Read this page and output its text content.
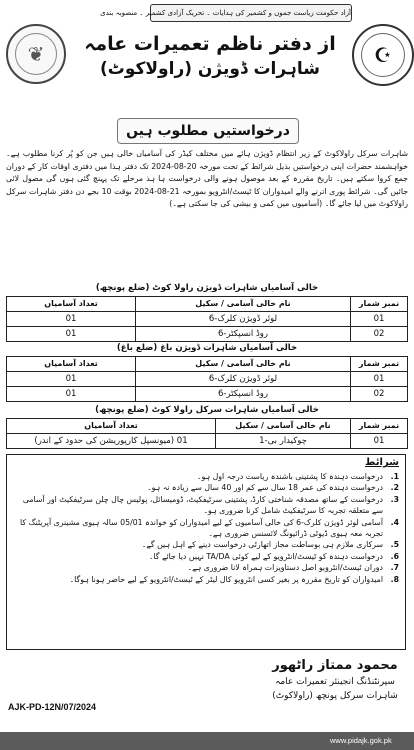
آزاد حکومت ریاست جموں و کشمیر کی ہدایات ۔ تحریک آزادی کشمیر ۔ منصوبہ بندی
❦	☪
از دفتر ناظم تعمیرات عامہ
شاہرات ڈویژن (راولاکوٹ)
درخواستیں مطلوب ہیں
شاہرات سرکل راولاکوٹ کے زیر انتظام ڈویژن ہائے میں مختلف کیڈر کی آسامیاں خالی ہیں جن کو پُر کرنا مطلوب ہے۔ خواہشمند حضرات اپنی درخواستیں بذیل شرائط کے تحت مورخہ 20-08-2024 تک دفتر ہذا میں دفتری اوقات کار کے دوران جمع کروا سکتے ہیں۔ تاریخ مقررہ کے بعد موصول ہونے والی درخواست ہا ہذ مرحلے تک پہنچ گئی ہوں گی مصول لائی جائیں گی۔ شرائط پوری اترنے والے امیدواران کا ٹیسٹ/انٹرویو بمورخہ 21-08-2024 بوقت 10 بجے دن دفتر شاہرات سرکل راولاکوٹ میں لیا جائے گا۔ (آسامیوں میں کمی و بیشی کی جا سکتی ہے۔)
خالی آسامیاں شاہرات ڈویژن راولا کوٹ (ضلع پونچھ)
نمبر شمار	نام خالی آسامی / سکیل	تعداد آسامیاں
01	لوئر ڈویژن کلرک-6	01
02	روڈ انسپکٹر-6	01
خالی آسامیاں شاہرات ڈویژن باغ (ضلع باغ)
نمبر شمار	نام خالی آسامی / سکیل	تعداد آسامیاں
01	لوئر ڈویژن کلرک-6	01
02	روڈ انسپکٹر-6	01
خالی آسامیاں شاہرات سرکل راولا کوٹ (ضلع پونچھ)
نمبر شمار	نام خالی آسامی / سکیل	تعداد آسامیاں
01	چوکیدار بی-1	01 (میونسپل کارپوریشن کی حدود کے اندر)
شرائط
1.
درخواست دہندہ کا پشتینی باشندہ ریاست درجہ اول ہو۔
2.
درخواست دہندہ کی عمر 18 سال سے کم اور 40 سال سے زیادہ نہ ہو۔
3.
درخواست کے ساتھ مصدقہ شناختی کارڈ، پشتینی سرٹیفکیٹ، ڈومیسائل، پولیس چال چلن سرٹیفکیٹ اور آسامی سے متعلقہ تجربہ کا سرٹیفکیٹ شامل کرنا ضروری ہو۔
4.
آسامی لوئر ڈویژن کلرک-6 کی خالی آسامیوں کے لیے امیدواران کو خواندہ 05/01 سالہ ہیوی مشینری آپریٹنگ کا تجربہ معہ ہیوی ڈیوٹی ڈرائیونگ لائسنس ضروری ہے۔
5.
سرکاری ملازم ہی بوساطت مجاز اتھارٹی درخواست دینے کے اہل ہیں گے۔
6.
درخواست دہندہ کو ٹیسٹ/انٹرویو کے لیے کوئی TA/DA نہیں دیا جائے گا۔
7.
دوران ٹیسٹ/انٹرویو اصل دستاویزات ہمراہ لانا ضروری ہے۔
8.
امیدواران کو تاریخ مقررہ پر بغیر کسی انٹرویو کال لیٹر کے ٹیسٹ/انٹرویو کے لیے حاضر ہونا ہوگا۔
محمود ممتاز راٹھور
سپرنٹنڈنگ انجینئر تعمیرات عامہ
شاہرات سرکل پونچھ (راولاکوٹ)
AJK-PD-12N/07/2024
www.pidajk.gok.pk
